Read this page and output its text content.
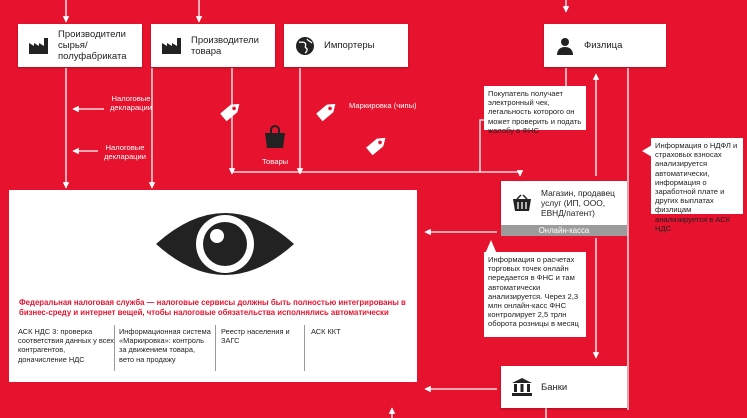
Производители сырья/полуфабриката
Производители товара	Импортеры	Физлица
Налоговые декларации
Налоговые декларации
Маркировка (чипы)
Товары
Покупатель получает электронный чек, легальность которого он может проверить и подать жалобу в ФНС
Информация о НДФЛ и страховых взносах анализируется автоматически, информация о заработной плате и других выплатах физлицам анализируется в АСК НДС
Магазин, продавец услуг (ИП, ООО, ЕВНД/патент)
Онлайн-касса
Информация о расчетах торговых точек онлайн передается в ФНС и там автоматически анализируется. Через 2,3 млн онлайн-касс ФНС контролирует 2,5 трлн оборота розницы в месяц
Банки
Федеральная налоговая служба — налоговые сервисы должны быть полностью интегрированы в бизнес-среду и интернет вещей, чтобы налоговые обязательства исполнялись автоматически
АСК НДС 3: проверка соответствия данных у всех контрагентов, доначисление НДС
Информационная система «Маркировка»: контроль за движением товара, вето на продажу
Реестр населения и ЗАГС
АСК ККТ
